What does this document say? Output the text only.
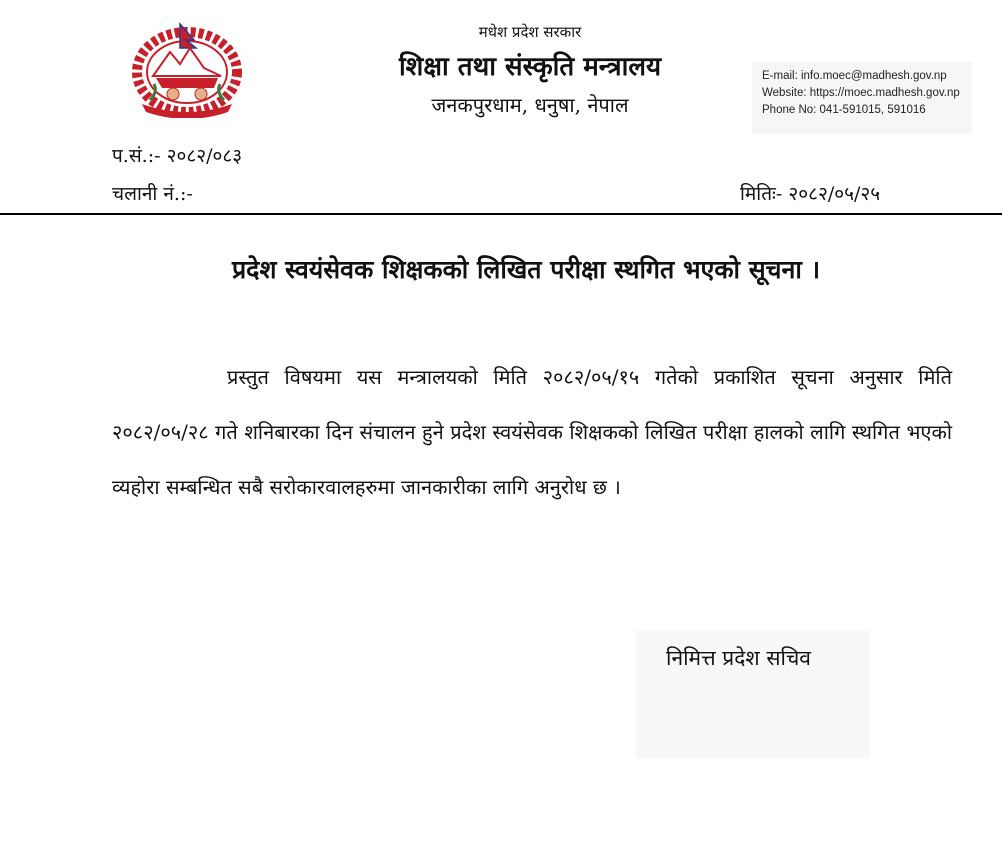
मधेश प्रदेश सरकार
शिक्षा तथा संस्कृति मन्त्रालय
जनकपुरधाम, धनुषा, नेपाल
E-mail: info.moec@madhesh.gov.np
Website: https://moec.madhesh.gov.np
Phone No: 041-591015, 591016
प.सं.:- २०८२/०८३
चलानी नं.:-	मितिः- २०८२/०५/२५
प्रदेश स्वयंसेवक शिक्षकको लिखित परीक्षा स्थगित भएको सूचना ।
प्रस्तुत विषयमा यस मन्त्रालयको मिति २०८२/०५/१५ गतेको प्रकाशित सूचना अनुसार मिति २०८२/०५/२८ गते शनिबारका दिन संचालन हुने प्रदेश स्वयंसेवक शिक्षकको लिखित परीक्षा हालको लागि स्थगित भएको व्यहोरा सम्बन्धित सबै सरोकारवालहरुमा जानकारीका लागि अनुरोध छ ।
निमित्त प्रदेश सचिव
